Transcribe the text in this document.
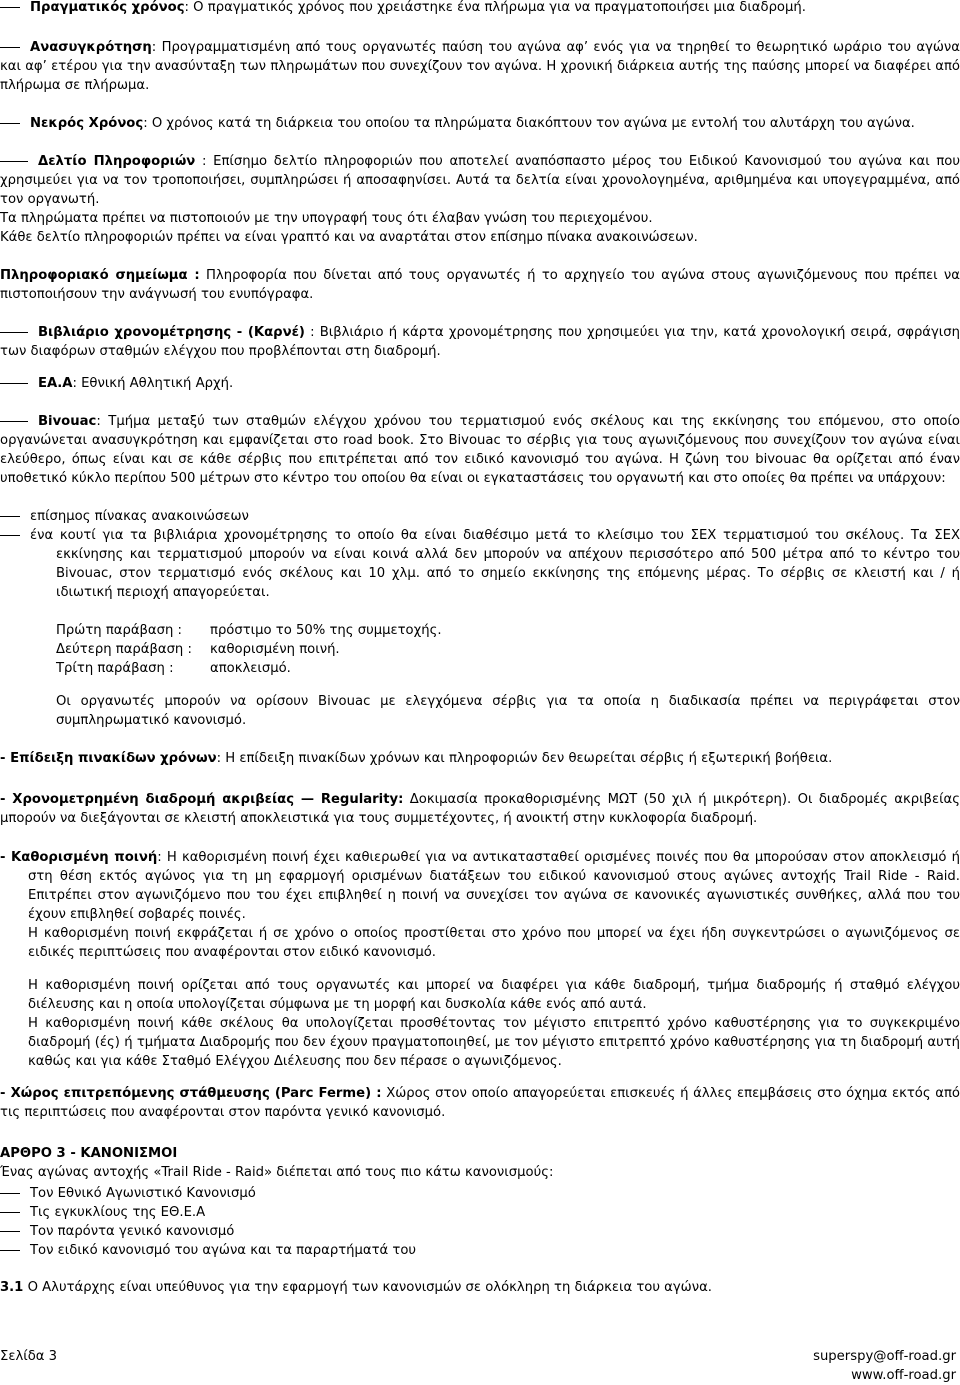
Πραγματικός χρόνος: Ο πραγματικός χρόνος που χρειάστηκε ένα πλήρωμα για να πραγματοποιήσει μια διαδρομή.
Ανασυγκρότηση: Προγραμματισμένη από τους οργανωτές παύση του αγώνα αφ’ ενός για να τηρηθεί το θεωρητικό ωράριο του αγώνα και αφ’ ετέρου για την ανασύνταξη των πληρωμάτων που συνεχίζουν τον αγώνα. Η χρονική διάρκεια αυτής της παύσης μπορεί να διαφέρει από πλήρωμα σε πλήρωμα.
Νεκρός Χρόνος: Ο χρόνος κατά τη διάρκεια του οποίου τα πληρώματα διακόπτουν τον αγώνα με εντολή του αλυτάρχη του αγώνα.
Δελτίο Πληροφοριών : Επίσημο δελτίο πληροφοριών που αποτελεί αναπόσπαστο μέρος του Ειδικού Κανονισμού του αγώνα και που χρησιμεύει για να τον τροποποιήσει, συμπληρώσει ή αποσαφηνίσει. Αυτά τα δελτία είναι χρονολογημένα, αριθμημένα και υπογεγραμμένα, από τον οργανωτή.
Τα πληρώματα πρέπει να πιστοποιούν με την υπογραφή τους ότι έλαβαν γνώση του περιεχομένου.
Κάθε δελτίο πληροφοριών πρέπει να είναι γραπτό και να αναρτάται στον επίσημο πίνακα ανακοινώσεων.
Πληροφοριακό σημείωμα : Πληροφορία που δίνεται από τους οργανωτές ή το αρχηγείο του αγώνα στους αγωνιζόμενους που πρέπει να πιστοποιήσουν την ανάγνωσή του ενυπόγραφα.
Βιβλιάριο χρονομέτρησης - (Καρνέ) : Βιβλιάριο ή κάρτα χρονομέτρησης που χρησιμεύει για την, κατά χρονολογική σειρά, σφράγιση των διαφόρων σταθμών ελέγχου που προβλέπονται στη διαδρομή.
ΕΑ.Α: Εθνική Αθλητική Αρχή.
Bivouac: Τμήμα μεταξύ των σταθμών ελέγχου χρόνου του τερματισμού ενός σκέλους και της εκκίνησης του επόμενου, στο οποίο οργανώνεται ανασυγκρότηση και εμφανίζεται στο road book. Στο Bivouac το σέρβις για τους αγωνιζόμενους που συνεχίζουν τον αγώνα είναι ελεύθερο, όπως είναι και σε κάθε σέρβις που επιτρέπεται από τον ειδικό κανονισμό του αγώνα. Η ζώνη του bivouac θα ορίζεται από έναν υποθετικό κύκλο περίπου 500 μέτρων στο κέντρο του οποίου θα είναι οι εγκαταστάσεις του οργανωτή και στο οποίες θα πρέπει να υπάρχουν:
επίσημος πίνακας ανακοινώσεων
ένα κουτί για τα βιβλιάρια χρονομέτρησης το οποίο θα είναι διαθέσιμο μετά το κλείσιμο του ΣΕΧ τερματισμού του σκέλους. Τα ΣΕΧ εκκίνησης και τερματισμού μπορούν να είναι κοινά αλλά δεν μπορούν να απέχουν περισσότερο από 500 μέτρα από το κέντρο του Bivouac, στον τερματισμό ενός σκέλους και 10 χλμ. από το σημείο εκκίνησης της επόμενης μέρας. Το σέρβις σε κλειστή και / ή ιδιωτική περιοχή απαγορεύεται.
Πρώτη παράβαση : πρόστιμο το 50% της συμμετοχής.
Δεύτερη παράβαση : καθορισμένη ποινή.
Τρίτη παράβαση :	αποκλεισμό.
Οι οργανωτές μπορούν να ορίσουν Bivouac με ελεγχόμενα σέρβις για τα οποία η διαδικασία πρέπει να περιγράφεται στον συμπληρωματικό κανονισμό.
- Επίδειξη πινακίδων χρόνων: Η επίδειξη πινακίδων χρόνων και πληροφοριών δεν θεωρείται σέρβις ή εξωτερική βοήθεια.
- Χρονομετρημένη διαδρομή ακριβείας — Regularity: Δοκιμασία προκαθορισμένης ΜΩΤ (50 χιλ ή μικρότερη). Οι διαδρομές ακριβείας μπορούν να διεξάγονται σε κλειστή αποκλειστικά για τους συμμετέχοντες, ή ανοικτή στην κυκλοφορία διαδρομή.
- Καθορισμένη ποινή: Η καθορισμένη ποινή έχει καθιερωθεί για να αντικατασταθεί ορισμένες ποινές που θα μπορούσαν στον αποκλεισμό ή στη θέση εκτός αγώνος για τη μη εφαρμογή ορισμένων διατάξεων του ειδικού κανονισμού στους αγώνες αντοχής Trail Ride - Raid. Επιτρέπει στον αγωνιζόμενο που του έχει επιβληθεί η ποινή να συνεχίσει τον αγώνα σε κανονικές αγωνιστικές συνθήκες, αλλά που του έχουν επιβληθεί σοβαρές ποινές.
Η καθορισμένη ποινή εκφράζεται ή σε χρόνο ο οποίος προστίθεται στο χρόνο που μπορεί να έχει ήδη συγκεντρώσει ο αγωνιζόμενος σε ειδικές περιπτώσεις που αναφέρονται στον ειδικό κανονισμό.
Η καθορισμένη ποινή ορίζεται από τους οργανωτές και μπορεί να διαφέρει για κάθε διαδρομή, τμήμα διαδρομής ή σταθμό ελέγχου διέλευσης και η οποία υπολογίζεται σύμφωνα με τη μορφή και δυσκολία κάθε ενός από αυτά.
Η καθορισμένη ποινή κάθε σκέλους θα υπολογίζεται προσθέτοντας τον μέγιστο επιτρεπτό χρόνο καθυστέρησης για το συγκεκριμένο διαδρομή (ές) ή τμήματα Διαδρομής που δεν έχουν πραγματοποιηθεί, με τον μέγιστο επιτρεπτό χρόνο καθυστέρησης για τη διαδρομή αυτή καθώς και για κάθε Σταθμό Ελέγχου Διέλευσης που δεν πέρασε ο αγωνιζόμενος.
- Χώρος επιτρεπόμενης στάθμευσης (Parc Ferme) : Χώρος στον οποίο απαγορεύεται επισκευές ή άλλες επεμβάσεις στο όχημα εκτός από τις περιπτώσεις που αναφέρονται στον παρόντα γενικό κανονισμό.
ΑΡΘΡΟ 3 - ΚΑΝΟΝΙΣΜΟΙ
Ένας αγώνας αντοχής «Trail Ride - Raid» διέπεται από τους πιο κάτω κανονισμούς:
Τον Εθνικό Αγωνιστικό Κανονισμό
Τις εγκυκλίους της ΕΘ.Ε.Α
Τον παρόντα γενικό κανονισμό
Τον ειδικό κανονισμό του αγώνα και τα παραρτήματά του
3.1 Ο Αλυτάρχης είναι υπεύθυνος για την εφαρμογή των κανονισμών σε ολόκληρη τη διάρκεια του αγώνα.
Σελίδα 3	superspy@off-road.gr
www.off-road.gr
